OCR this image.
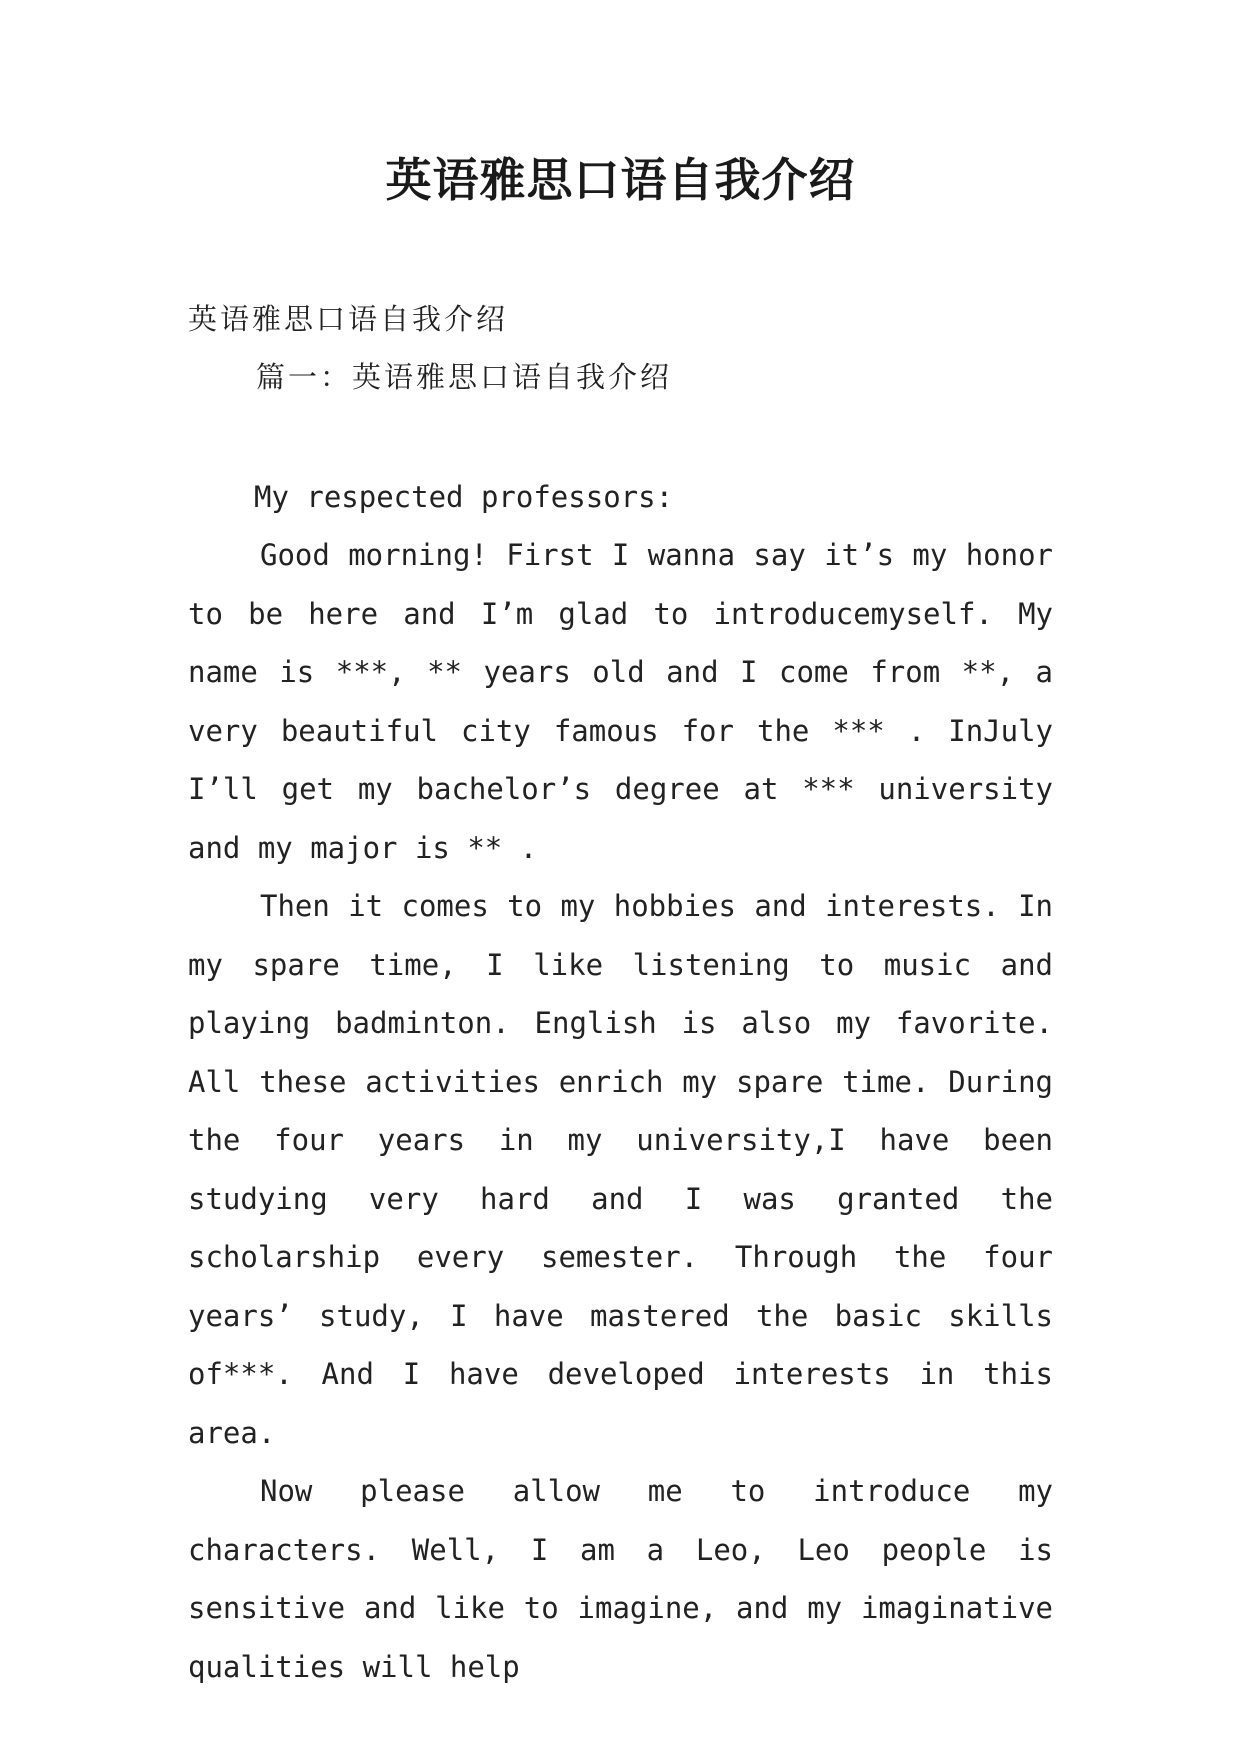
英语雅思口语自我介绍
英语雅思口语自我介绍
篇一：英语雅思口语自我介绍
My respected professors:

Good morning! First I wanna say it’s my honor to be here and I’m glad to introducemyself. My name is ***, ** years old and I come from **, a very beautiful city famous for the *** . InJuly I’ll get my bachelor’s degree at *** university and my major is ** .

Then it comes to my hobbies and interests. In my spare time, I like listening to music and playing badminton. English is also my favorite. All these activities enrich my spare time. During the four years in my university,I have been studying very hard and I was granted the scholarship every semester. Through the four years’ study, I have mastered the basic skills of***. And I have developed interests in this area.

Now please allow me to introduce my characters. Well, I am a Leo, Leo people is sensitive and like to imagine, and my imaginative qualities will help
